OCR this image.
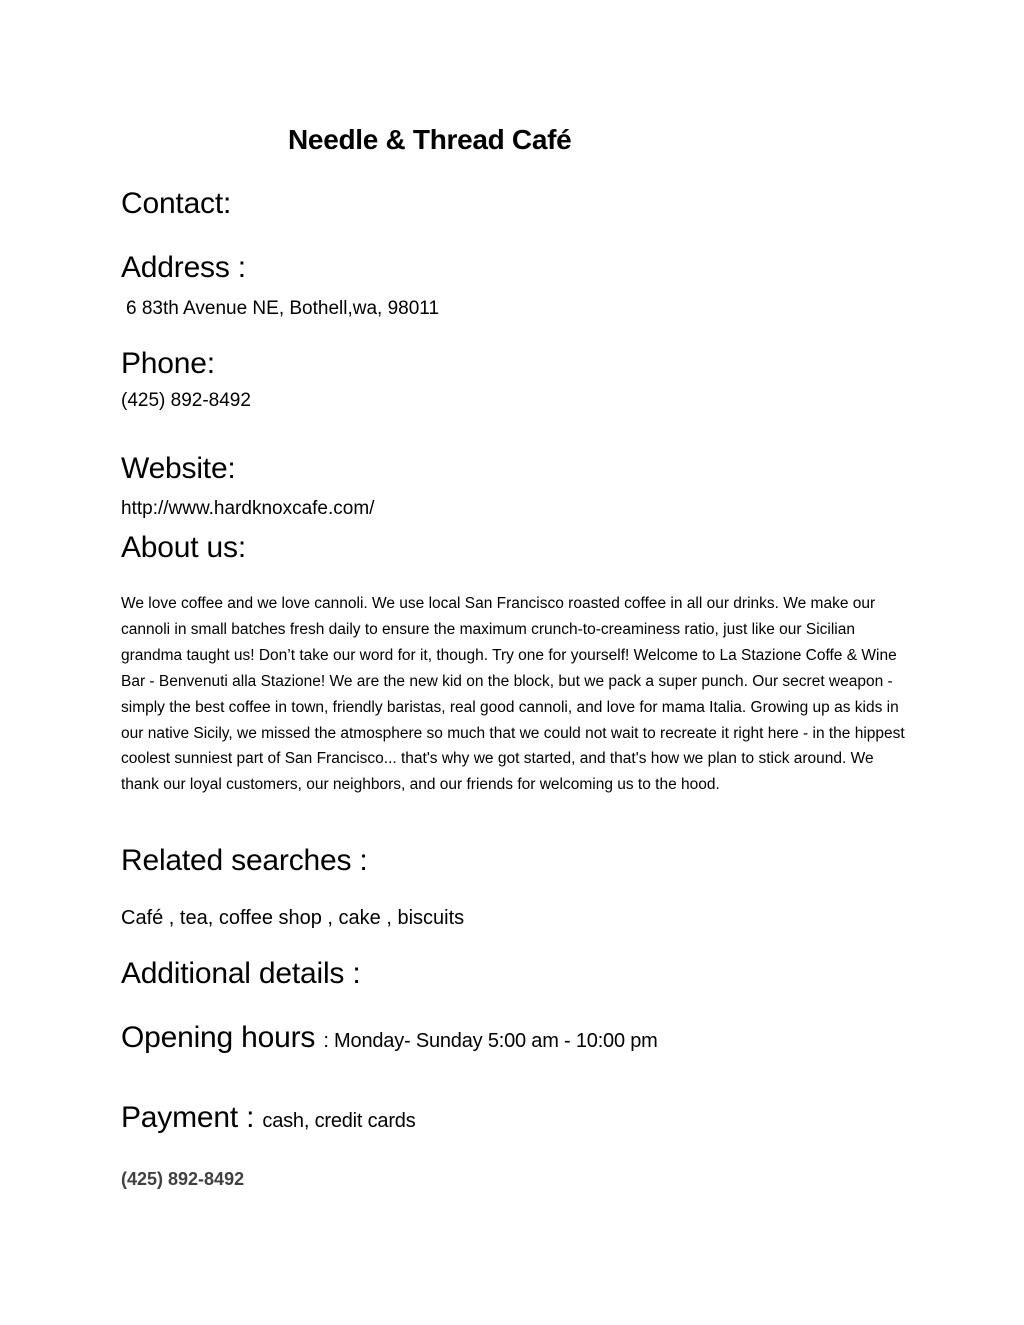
Needle & Thread Café
Contact:
Address :

6 83th Avenue NE, Bothell,wa, 98011

Phone:

(425) 892-8492

Website:

http://www.hardknoxcafe.com/

About us:

We love coffee and we love cannoli. We use local San Francisco roasted coffee in all our drinks. We make our cannoli in small batches fresh daily to ensure the maximum crunch-to-creaminess ratio, just like our Sicilian grandma taught us! Don’t take our word for it, though. Try one for yourself! Welcome to La Stazione Coffe & Wine Bar - Benvenuti alla Stazione! We are the new kid on the block, but we pack a super punch. Our secret weapon - simply the best coffee in town, friendly baristas, real good cannoli, and love for mama Italia. Growing up as kids in our native Sicily, we missed the atmosphere so much that we could not wait to recreate it right here - in the hippest coolest sunniest part of San Francisco... that's why we got started, and that's how we plan to stick around. We thank our loyal customers, our neighbors, and our friends for welcoming us to the hood.

Related searches :

Café , tea, coffee shop , cake , biscuits

Additional details :
Opening hours : Monday- Sunday 5:00 am - 10:00 pm
Payment : cash, credit cards

(425) 892-8492
